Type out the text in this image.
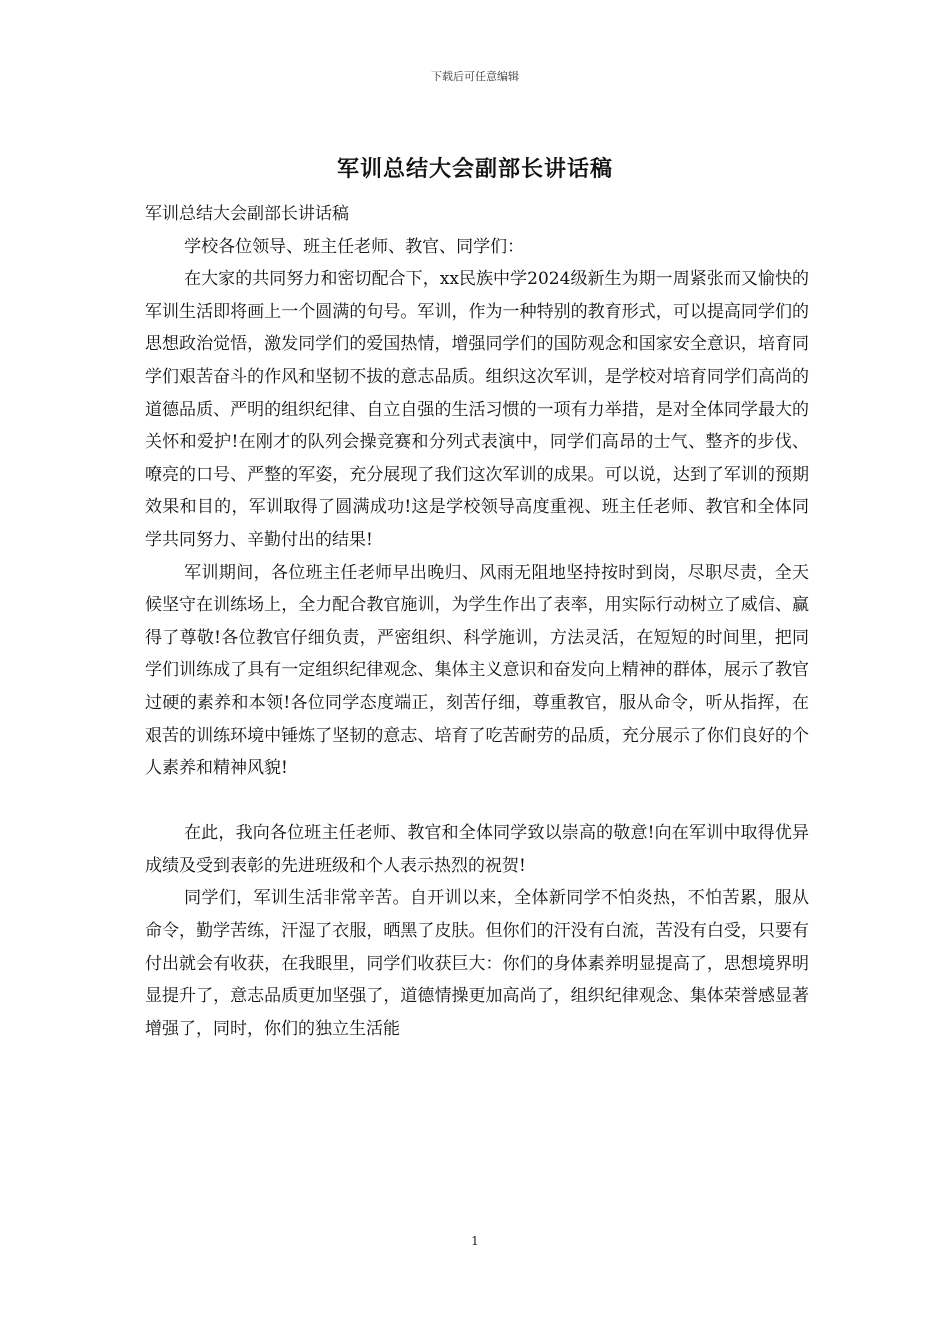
下载后可任意编辑
军训总结大会副部长讲话稿

军训总结大会副部长讲话稿

学校各位领导、班主任老师、教官、同学们：

在大家的共同努力和密切配合下，xx民族中学2024级新生为期一周紧张而又愉快的军训生活即将画上一个圆满的句号。军训，作为一种特别的教育形式，可以提高同学们的思想政治觉悟，激发同学们的爱国热情，增强同学们的国防观念和国家安全意识，培育同学们艰苦奋斗的作风和坚韧不拔的意志品质。组织这次军训，是学校对培育同学们高尚的道德品质、严明的组织纪律、自立自强的生活习惯的一项有力举措，是对全体同学最大的关怀和爱护!在刚才的队列会操竞赛和分列式表演中，同学们高昂的士气、整齐的步伐、嘹亮的口号、严整的军姿，充分展现了我们这次军训的成果。可以说，达到了军训的预期效果和目的，军训取得了圆满成功!这是学校领导高度重视、班主任老师、教官和全体同学共同努力、辛勤付出的结果!

军训期间，各位班主任老师早出晚归、风雨无阻地坚持按时到岗，尽职尽责，全天候坚守在训练场上，全力配合教官施训，为学生作出了表率，用实际行动树立了威信、赢得了尊敬!各位教官仔细负责，严密组织、科学施训，方法灵活，在短短的时间里，把同学们训练成了具有一定组织纪律观念、集体主义意识和奋发向上精神的群体，展示了教官过硬的素养和本领!各位同学态度端正，刻苦仔细，尊重教官，服从命令，听从指挥，在艰苦的训练环境中锤炼了坚韧的意志、培育了吃苦耐劳的品质，充分展示了你们良好的个人素养和精神风貌!

在此，我向各位班主任老师、教官和全体同学致以崇高的敬意!向在军训中取得优异成绩及受到表彰的先进班级和个人表示热烈的祝贺!

同学们，军训生活非常辛苦。自开训以来，全体新同学不怕炎热，不怕苦累，服从命令，勤学苦练，汗湿了衣服，晒黑了皮肤。但你们的汗没有白流，苦没有白受，只要有付出就会有收获，在我眼里，同学们收获巨大：你们的身体素养明显提高了，思想境界明显提升了，意志品质更加坚强了，道德情操更加高尚了，组织纪律观念、集体荣誉感显著增强了，同时，你们的独立生活能

1
